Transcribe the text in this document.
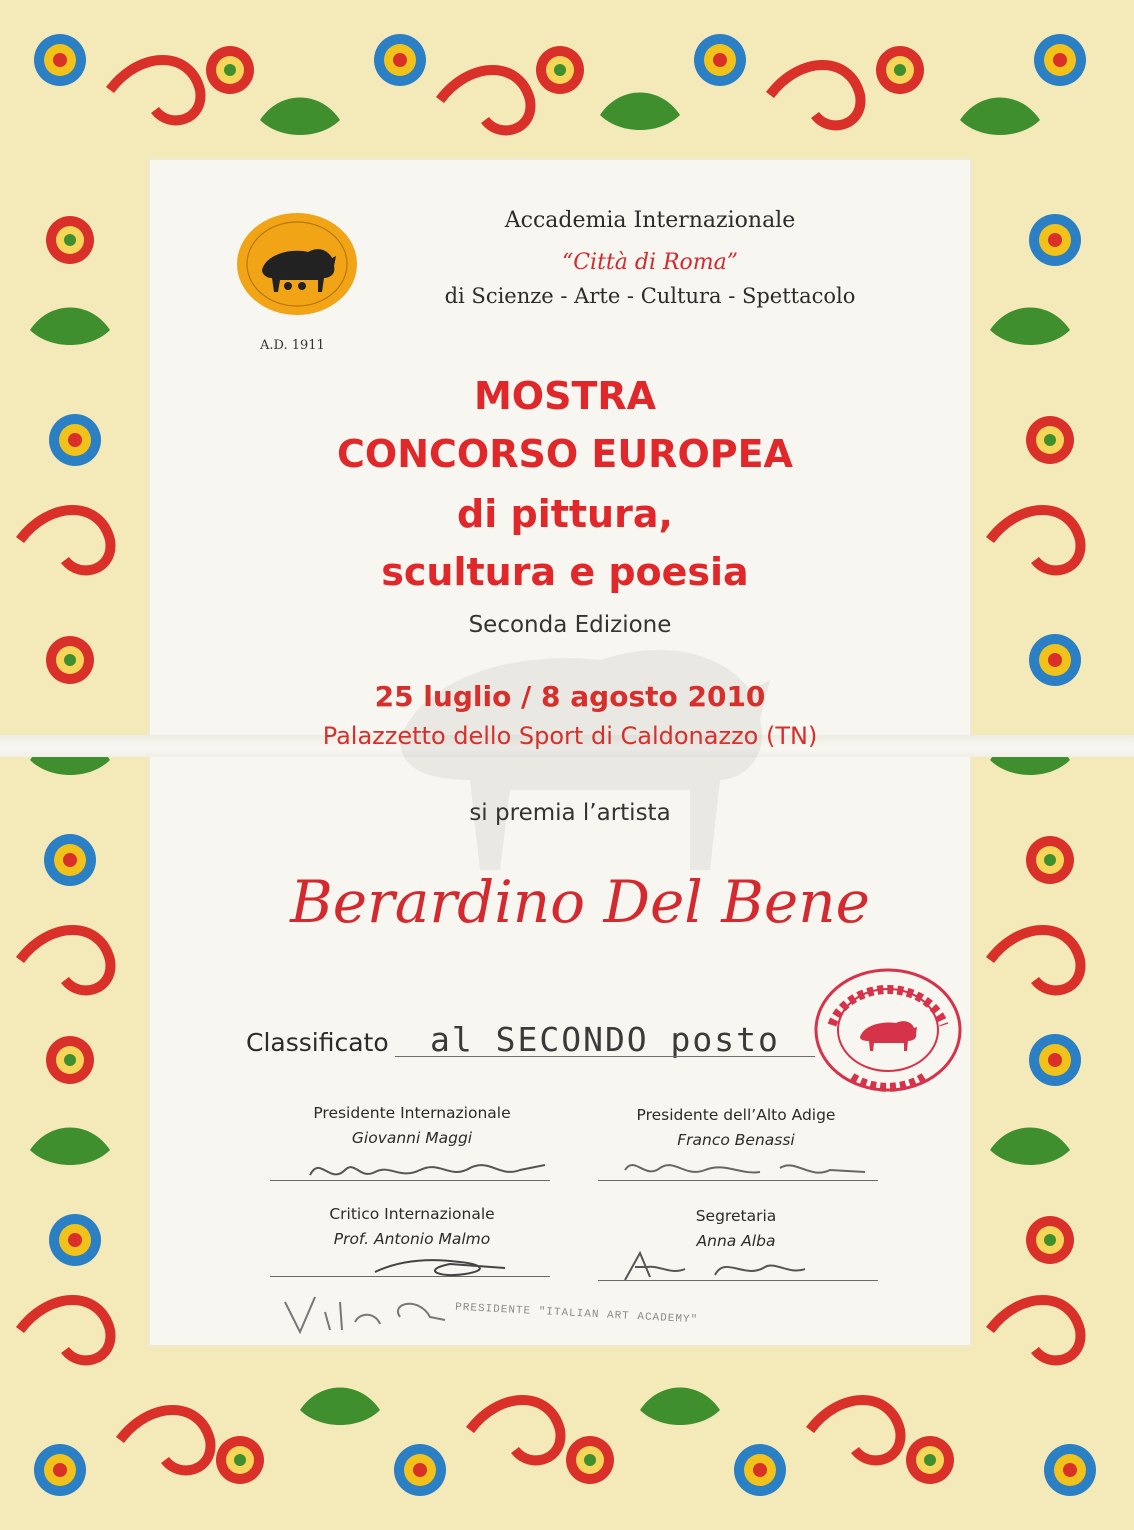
A.D. 1911

Accademia Internazionale

“Città di Roma”

di Scienze - Arte - Cultura - Spettacolo

MOSTRA

CONCORSO EUROPEA

di pittura,

scultura e poesia

Seconda Edizione

25 luglio / 8 agosto 2010

Palazzetto dello Sport di Caldonazzo (TN)

si premia l’artista

Berardino Del Bene

Classificato al SECONDO posto

Presidente Internazionale

Giovanni Maggi

Presidente dell’Alto Adige

Franco Benassi

Critico Internazionale

Prof. Antonio Malmo

Segretaria

Anna Alba

PRESIDENTE "ITALIAN ART ACADEMY"
